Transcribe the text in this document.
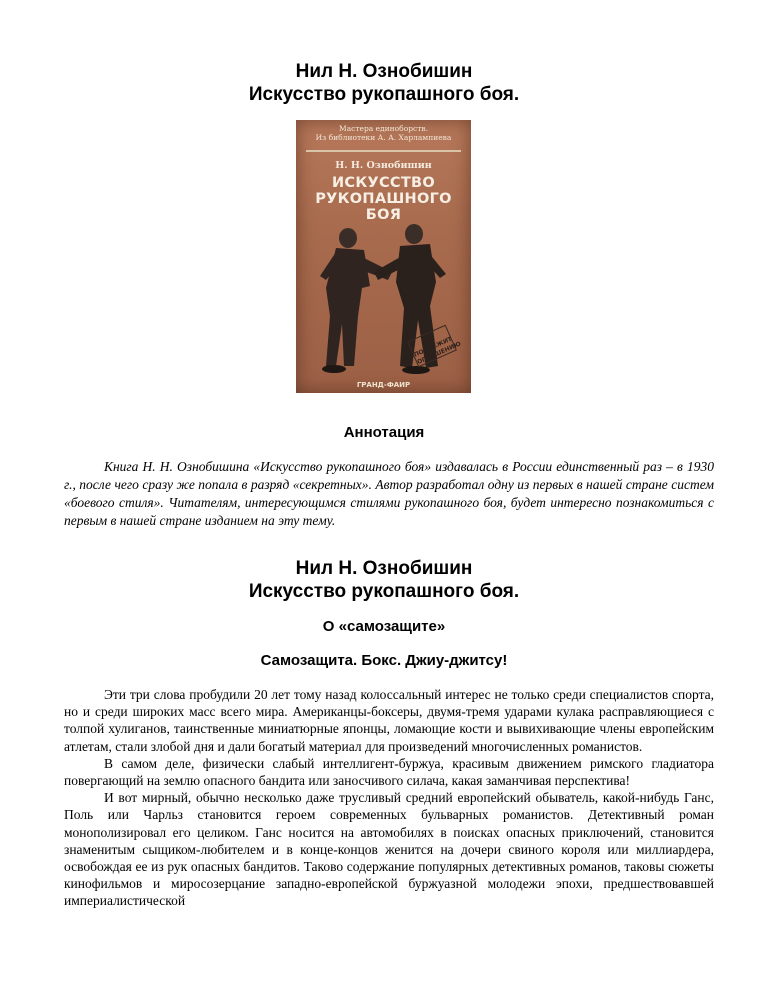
Нил Н. Ознобишин
Искусство рукопашного боя.
Мастера единоборств.
Из библиотеки А. А. Харлампиева
Н. Н. Ознобишин
ИСКУССТВО
РУКОПАШНОГО БОЯ
НЕ ПОДЛЕЖИТ ОГЛАШЕНИЮ
ГРАНД-ФАИР
Аннотация

Книга Н. Н. Ознобишина «Искусство рукопашного боя» издавалась в России единственный раз – в 1930 г., после чего сразу же попала в разряд «секретных». Автор разработал одну из первых в нашей стране систем «боевого стиля». Читателям, интересующимся стилями рукопашного боя, будет интересно познакомиться с первым в нашей стране изданием на эту тему.

Нил Н. Ознобишин
Искусство рукопашного боя.
О «самозащите»
Самозащита. Бокс. Джиу-джитсу!

Эти три слова пробудили 20 лет тому назад колоссальный интерес не только среди специалистов спорта, но и среди широких масс всего мира. Американцы-боксеры, двумя-тремя ударами кулака расправляющиеся с толпой хулиганов, таинственные миниатюрные японцы, ломающие кости и вывихивающие члены европейским атлетам, стали злобой дня и дали богатый материал для произведений многочисленных романистов.

В самом деле, физически слабый интеллигент-буржуа, красивым движением римского гладиатора повергающий на землю опасного бандита или заносчивого силача, какая заманчивая перспектива!

И вот мирный, обычно несколько даже трусливый средний европейский обыватель, какой-нибудь Ганс, Поль или Чарльз становится героем современных бульварных романистов. Детективный роман монополизировал его целиком. Ганс носится на автомобилях в поисках опасных приключений, становится знаменитым сыщиком-любителем и в конце-концов женится на дочери свиного короля или миллиардера, освобождая ее из рук опасных бандитов. Таково содержание популярных детективных романов, таковы сюжеты кинофильмов и миросозерцание западно-европейской буржуазной молодежи эпохи, предшествовавшей империалистической
